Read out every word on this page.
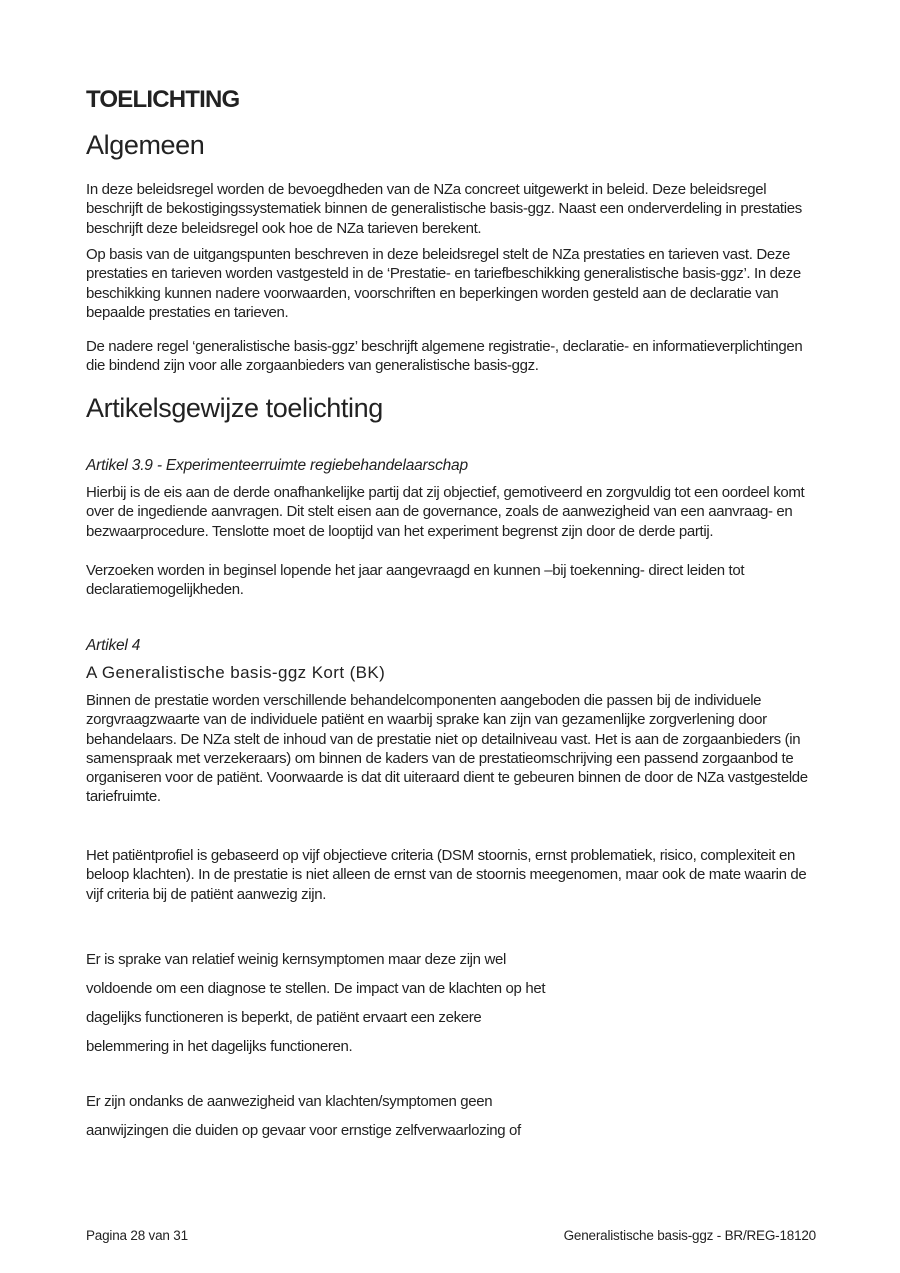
TOELICHTING
Algemeen

In deze beleidsregel worden de bevoegdheden van de NZa concreet uitgewerkt in beleid. Deze beleidsregel beschrijft de bekostigingssystematiek binnen de generalistische basis-ggz. Naast een onderverdeling in prestaties beschrijft deze beleidsregel ook hoe de NZa tarieven berekent.

Op basis van de uitgangspunten beschreven in deze beleidsregel stelt de NZa prestaties en tarieven vast. Deze prestaties en tarieven worden vastgesteld in de ‘Prestatie- en tariefbeschikking generalistische basis-ggz’. In deze beschikking kunnen nadere voorwaarden, voorschriften en beperkingen worden gesteld aan de declaratie van bepaalde prestaties en tarieven.

De nadere regel ‘generalistische basis-ggz’ beschrijft algemene registratie-, declaratie- en informatieverplichtingen die bindend zijn voor alle zorgaanbieders van generalistische basis-ggz.

Artikelsgewijze toelichting

Artikel 3.9 - Experimenteerruimte regiebehandelaarschap

Hierbij is de eis aan de derde onafhankelijke partij dat zij objectief, gemotiveerd en zorgvuldig tot een oordeel komt over de ingediende aanvragen. Dit stelt eisen aan de governance, zoals de aanwezigheid van een aanvraag- en bezwaarprocedure. Tenslotte moet de looptijd van het experiment begrenst zijn door de derde partij.

Verzoeken worden in beginsel lopende het jaar aangevraagd en kunnen –bij toekenning- direct leiden tot declaratiemogelijkheden.

Artikel 4

A Generalistische basis-ggz Kort (BK)

Binnen de prestatie worden verschillende behandelcomponenten aangeboden die passen bij de individuele zorgvraagzwaarte van de individuele patiënt en waarbij sprake kan zijn van gezamenlijke zorgverlening door behandelaars. De NZa stelt de inhoud van de prestatie niet op detailniveau vast. Het is aan de zorgaanbieders (in samenspraak met verzekeraars) om binnen de kaders van de prestatieomschrijving een passend zorgaanbod te organiseren voor de patiënt. Voorwaarde is dat dit uiteraard dient te gebeuren binnen de door de NZa vastgestelde tariefruimte.

Het patiëntprofiel is gebaseerd op vijf objectieve criteria (DSM stoornis, ernst problematiek, risico, complexiteit en beloop klachten). In de prestatie is niet alleen de ernst van de stoornis meegenomen, maar ook de mate waarin de vijf criteria bij de patiënt aanwezig zijn.

Er is sprake van relatief weinig kernsymptomen maar deze zijn wel

voldoende om een diagnose te stellen. De impact van de klachten op het

dagelijks functioneren is beperkt, de patiënt ervaart een zekere

belemmering in het dagelijks functioneren.

Er zijn ondanks de aanwezigheid van klachten/symptomen geen

aanwijzingen die duiden op gevaar voor ernstige zelfverwaarlozing of

Pagina 28 van 31	Generalistische basis-ggz - BR/REG-18120
